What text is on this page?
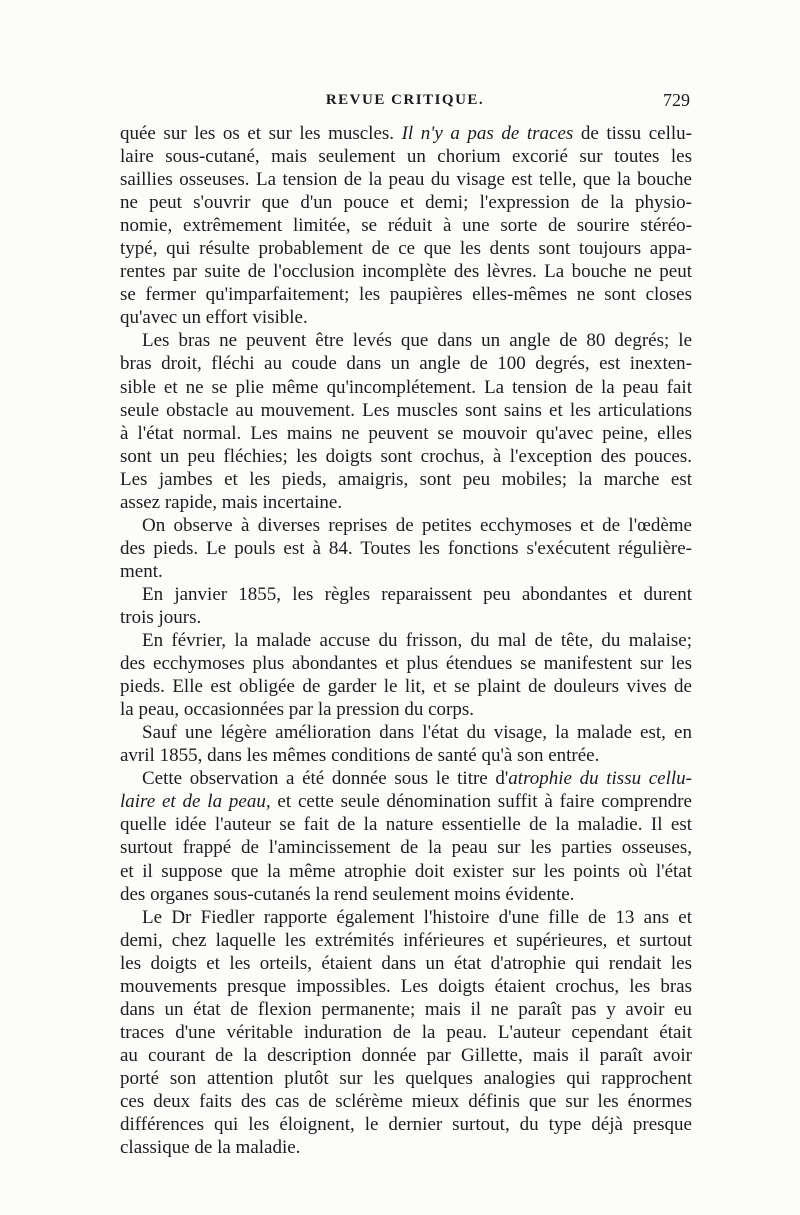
REVUE CRITIQUE.	729
quée sur les os et sur les muscles. Il n'y a pas de traces de tissu cellu-
laire sous-cutané, mais seulement un chorium excorié sur toutes les
saillies osseuses. La tension de la peau du visage est telle, que la bouche
ne peut s'ouvrir que d'un pouce et demi; l'expression de la physio-
nomie, extrêmement limitée, se réduit à une sorte de sourire stéréo-
typé, qui résulte probablement de ce que les dents sont toujours appa-
rentes par suite de l'occlusion incomplète des lèvres. La bouche ne peut
se fermer qu'imparfaitement; les paupières elles-mêmes ne sont closes
qu'avec un effort visible.
Les bras ne peuvent être levés que dans un angle de 80 degrés; le
bras droit, fléchi au coude dans un angle de 100 degrés, est inexten-
sible et ne se plie même qu'incomplétement. La tension de la peau fait
seule obstacle au mouvement. Les muscles sont sains et les articulations
à l'état normal. Les mains ne peuvent se mouvoir qu'avec peine, elles
sont un peu fléchies; les doigts sont crochus, à l'exception des pouces.
Les jambes et les pieds, amaigris, sont peu mobiles; la marche est
assez rapide, mais incertaine.
On observe à diverses reprises de petites ecchymoses et de l'œdème
des pieds. Le pouls est à 84. Toutes les fonctions s'exécutent régulière-
ment.
En janvier 1855, les règles reparaissent peu abondantes et durent
trois jours.
En février, la malade accuse du frisson, du mal de tête, du malaise;
des ecchymoses plus abondantes et plus étendues se manifestent sur les
pieds. Elle est obligée de garder le lit, et se plaint de douleurs vives de
la peau, occasionnées par la pression du corps.
Sauf une légère amélioration dans l'état du visage, la malade est, en
avril 1855, dans les mêmes conditions de santé qu'à son entrée.
Cette observation a été donnée sous le titre d'atrophie du tissu cellu-
laire et de la peau, et cette seule dénomination suffit à faire comprendre
quelle idée l'auteur se fait de la nature essentielle de la maladie. Il est
surtout frappé de l'amincissement de la peau sur les parties osseuses,
et il suppose que la même atrophie doit exister sur les points où l'état
des organes sous-cutanés la rend seulement moins évidente.
Le Dr Fiedler rapporte également l'histoire d'une fille de 13 ans et
demi, chez laquelle les extrémités inférieures et supérieures, et surtout
les doigts et les orteils, étaient dans un état d'atrophie qui rendait les
mouvements presque impossibles. Les doigts étaient crochus, les bras
dans un état de flexion permanente; mais il ne paraît pas y avoir eu
traces d'une véritable induration de la peau. L'auteur cependant était
au courant de la description donnée par Gillette, mais il paraît avoir
porté son attention plutôt sur les quelques analogies qui rapprochent
ces deux faits des cas de sclérème mieux définis que sur les énormes
différences qui les éloignent, le dernier surtout, du type déjà presque
classique de la maladie.
